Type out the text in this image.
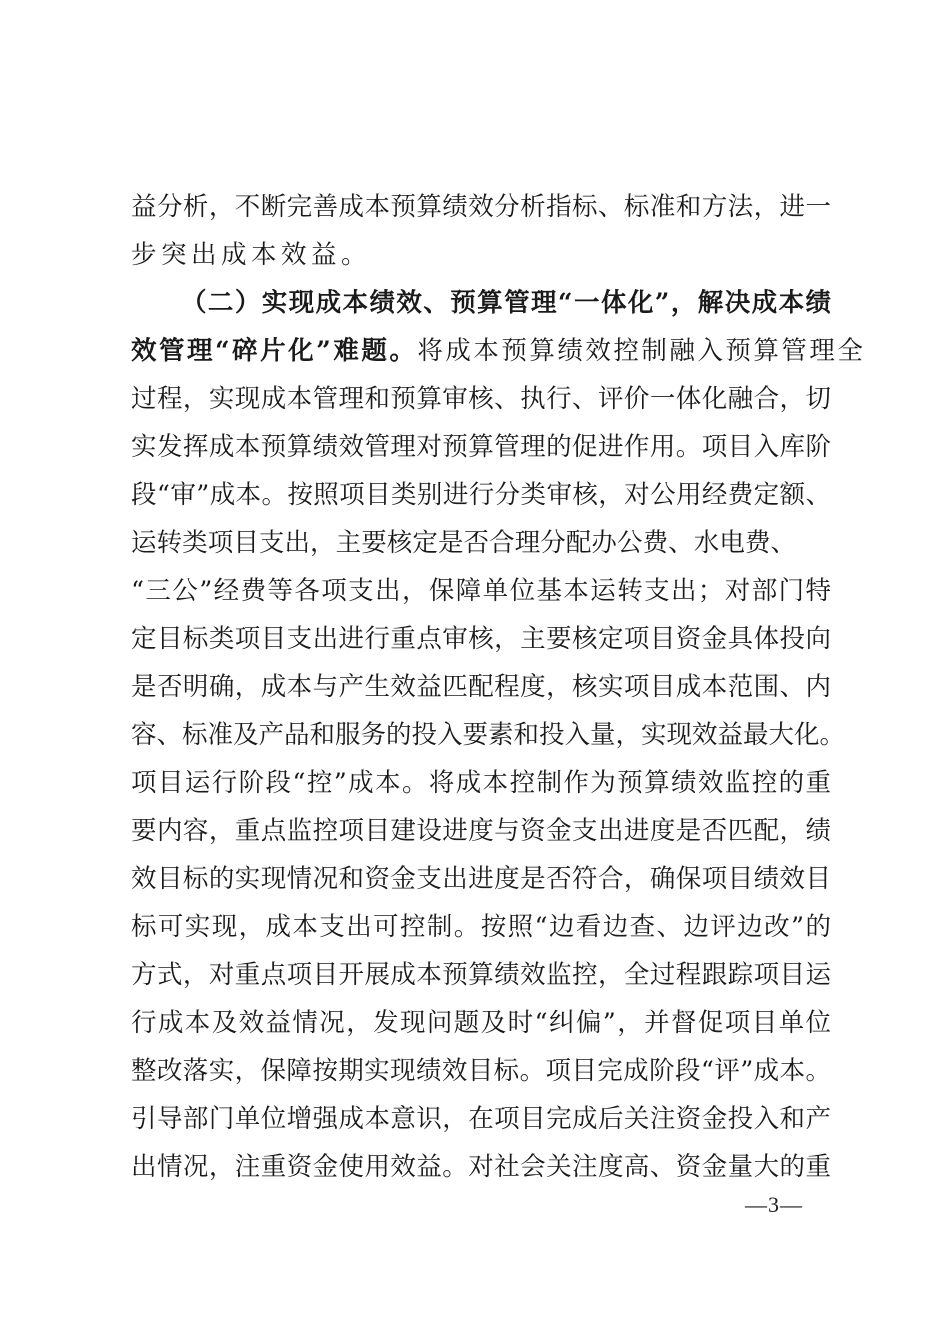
益分析，不断完善成本预算绩效分析指标、标准和方法，进一
步突出成本效益。
（二）实现成本绩效、预算管理“一体化”，解决成本绩
效管理“碎片化”难题。将成本预算绩效控制融入预算管理全
过程，实现成本管理和预算审核、执行、评价一体化融合，切
实发挥成本预算绩效管理对预算管理的促进作用。项目入库阶
段“审”成本。按照项目类别进行分类审核，对公用经费定额、
运转类项目支出，主要核定是否合理分配办公费、水电费、
“三公”经费等各项支出，保障单位基本运转支出；对部门特
定目标类项目支出进行重点审核，主要核定项目资金具体投向
是否明确，成本与产生效益匹配程度，核实项目成本范围、内
容、标准及产品和服务的投入要素和投入量，实现效益最大化。
项目运行阶段“控”成本。将成本控制作为预算绩效监控的重
要内容，重点监控项目建设进度与资金支出进度是否匹配，绩
效目标的实现情况和资金支出进度是否符合，确保项目绩效目
标可实现，成本支出可控制。按照“边看边查、边评边改”的
方式，对重点项目开展成本预算绩效监控，全过程跟踪项目运
行成本及效益情况，发现问题及时“纠偏”，并督促项目单位
整改落实，保障按期实现绩效目标。项目完成阶段“评”成本。
引导部门单位增强成本意识，在项目完成后关注资金投入和产
出情况，注重资金使用效益。对社会关注度高、资金量大的重
—3—
